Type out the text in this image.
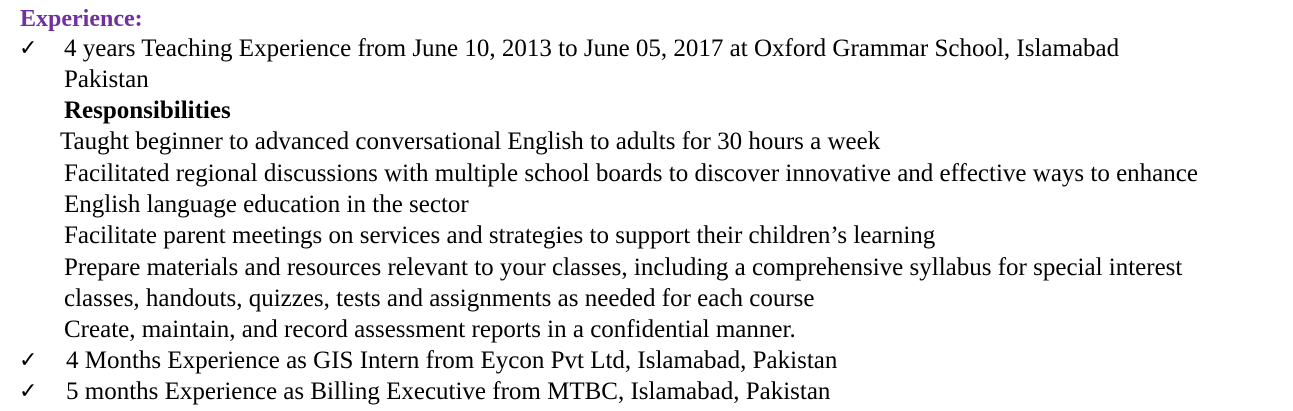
Experience:
✓ 4 years Teaching Experience from June 10, 2013 to June 05, 2017 at Oxford Grammar School, Islamabad
Pakistan
Responsibilities
Taught beginner to advanced conversational English to adults for 30 hours a week
Facilitated regional discussions with multiple school boards to discover innovative and effective ways to enhance
English language education in the sector
Facilitate parent meetings on services and strategies to support their children’s learning
Prepare materials and resources relevant to your classes, including a comprehensive syllabus for special interest
classes, handouts, quizzes, tests and assignments as needed for each course
Create, maintain, and record assessment reports in a confidential manner.
✓ 4 Months Experience as GIS Intern from Eycon Pvt Ltd, Islamabad, Pakistan
✓ 5 months Experience as Billing Executive from MTBC, Islamabad, Pakistan
